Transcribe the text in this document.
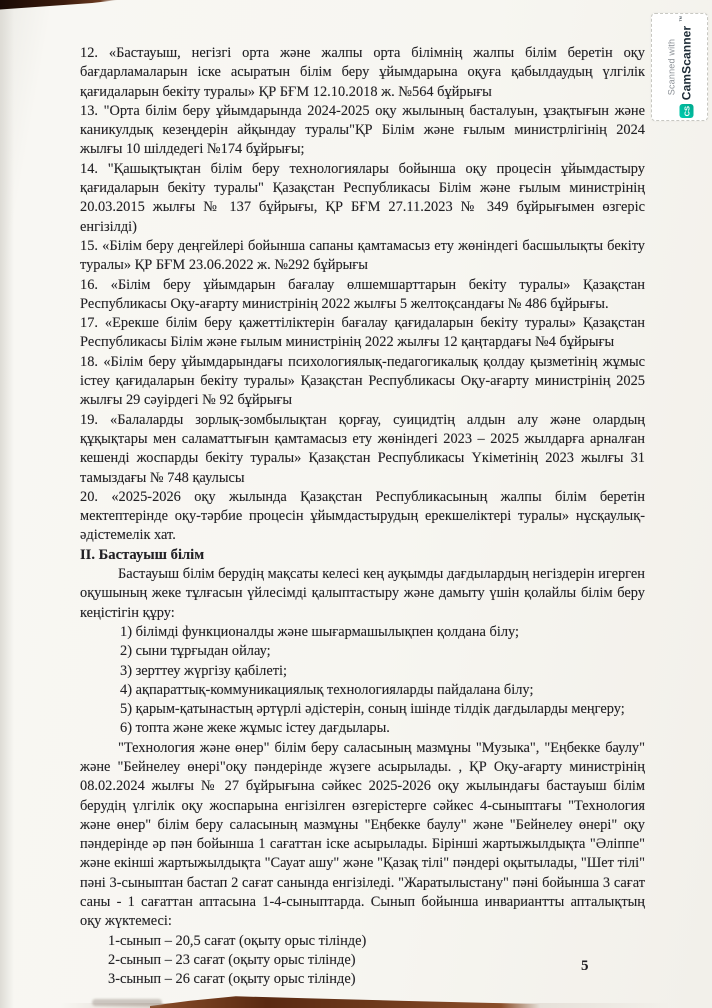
12. «Бастауыш, негізгі орта және жалпы орта білімнің жалпы білім беретін оқу бағдарламаларын іске асыратын білім беру ұйымдарына оқуға қабылдаудың үлгілік қағидаларын бекіту туралы» ҚР БҒМ 12.10.2018 ж. №564 бұйрығы

13. "Орта білім беру ұйымдарында 2024-2025 оқу жылының басталуын, ұзақтығын және каникулдық кезеңдерін айқындау туралы"ҚР Білім және ғылым министрлігінің 2024 жылғы 10 шілдедегі №174 бұйрығы;

14. "Қашықтықтан білім беру технологиялары бойынша оқу процесін ұйымдастыру қағидаларын бекіту туралы" Қазақстан Республикасы Білім және ғылым министрінің 20.03.2015 жылғы № 137 бұйрығы, ҚР БҒМ 27.11.2023 № 349 бұйрығымен өзгеріс енгізілді)

15. «Білім беру деңгейлері бойынша сапаны қамтамасыз ету жөніндегі басшылықты бекіту туралы» ҚР БҒМ 23.06.2022 ж. №292 бұйрығы

16. «Білім беру ұйымдарын бағалау өлшемшарттарын бекіту туралы» Қазақстан Республикасы Оқу-ағарту министрінің 2022 жылғы 5 желтоқсандағы № 486 бұйрығы.

17. «Ерекше білім беру қажеттіліктерін бағалау қағидаларын бекіту туралы» Қазақстан Республикасы Білім және ғылым министрінің 2022 жылғы 12 қаңтардағы №4 бұйрығы

18. «Білім беру ұйымдарындағы психологиялық-педагогикалық қолдау қызметінің жұмыс істеу қағидаларын бекіту туралы» Қазақстан Республикасы Оқу-ағарту министрінің 2025 жылғы 29 сәуірдегі № 92 бұйрығы

19. «Балаларды зорлық-зомбылықтан қорғау, суицидтің алдын алу және олардың құқықтары мен саламаттығын қамтамасыз ету жөніндегі 2023 – 2025 жылдарға арналған кешенді жоспарды бекіту туралы» Қазақстан Республикасы Үкіметінің 2023 жылғы 31 тамыздағы № 748 қаулысы

20. «2025-2026 оқу жылында Қазақстан Республикасының жалпы білім беретін мектептерінде оқу-тәрбие процесін ұйымдастырудың ерекшеліктері туралы» нұсқаулық-әдістемелік хат.

II. Бастауыш білім

Бастауыш білім берудің мақсаты келесі кең ауқымды дағдылардың негіздерін игерген оқушының жеке тұлғасын үйлесімді қалыптастыру және дамыту үшін қолайлы білім беру кеңістігін құру:

1) білімді функционалды және шығармашылықпен қолдана білу;

2) сыни тұрғыдан ойлау;

3) зерттеу жүргізу қабілеті;

4) ақпараттық-коммуникациялық технологияларды пайдалана білу;

5) қарым-қатынастың әртүрлі әдістерін, соның ішінде тілдік дағдыларды меңгеру;

6) топта және жеке жұмыс істеу дағдылары.

"Технология және өнер" білім беру саласының мазмұны "Музыка", "Еңбекке баулу" және "Бейнелеу өнері"оқу пәндерінде жүзеге асырылады. , ҚР Оқу-ағарту министрінің 08.02.2024 жылғы № 27 бұйрығына сәйкес 2025-2026 оқу жылындағы бастауыш білім берудің үлгілік оқу жоспарына енгізілген өзгерістерге сәйкес 4-сыныптағы "Технология және өнер" білім беру саласының мазмұны "Еңбекке баулу" және "Бейнелеу өнері" оқу пәндерінде әр пән бойынша 1 сағаттан іске асырылады. Бірінші жартыжылдықта "Әліппе" және екінші жартыжылдықта "Сауат ашу" және "Қазақ тілі" пәндері оқытылады, "Шет тілі" пәні 3-сыныптан бастап 2 сағат санында енгізіледі. "Жаратылыстану" пәні бойынша 3 сағат саны - 1 сағаттан аптасына 1-4-сыныптарда. Сынып бойынша инвариантты апталықтың оқу жүктемесі:

1-сынып – 20,5 сағат (оқыту орыс тілінде)

2-сынып – 23 сағат (оқыту орыс тілінде)

3-сынып – 26 сағат (оқыту орыс тілінде)

5
Scanned with
CS
CamScanner
™
